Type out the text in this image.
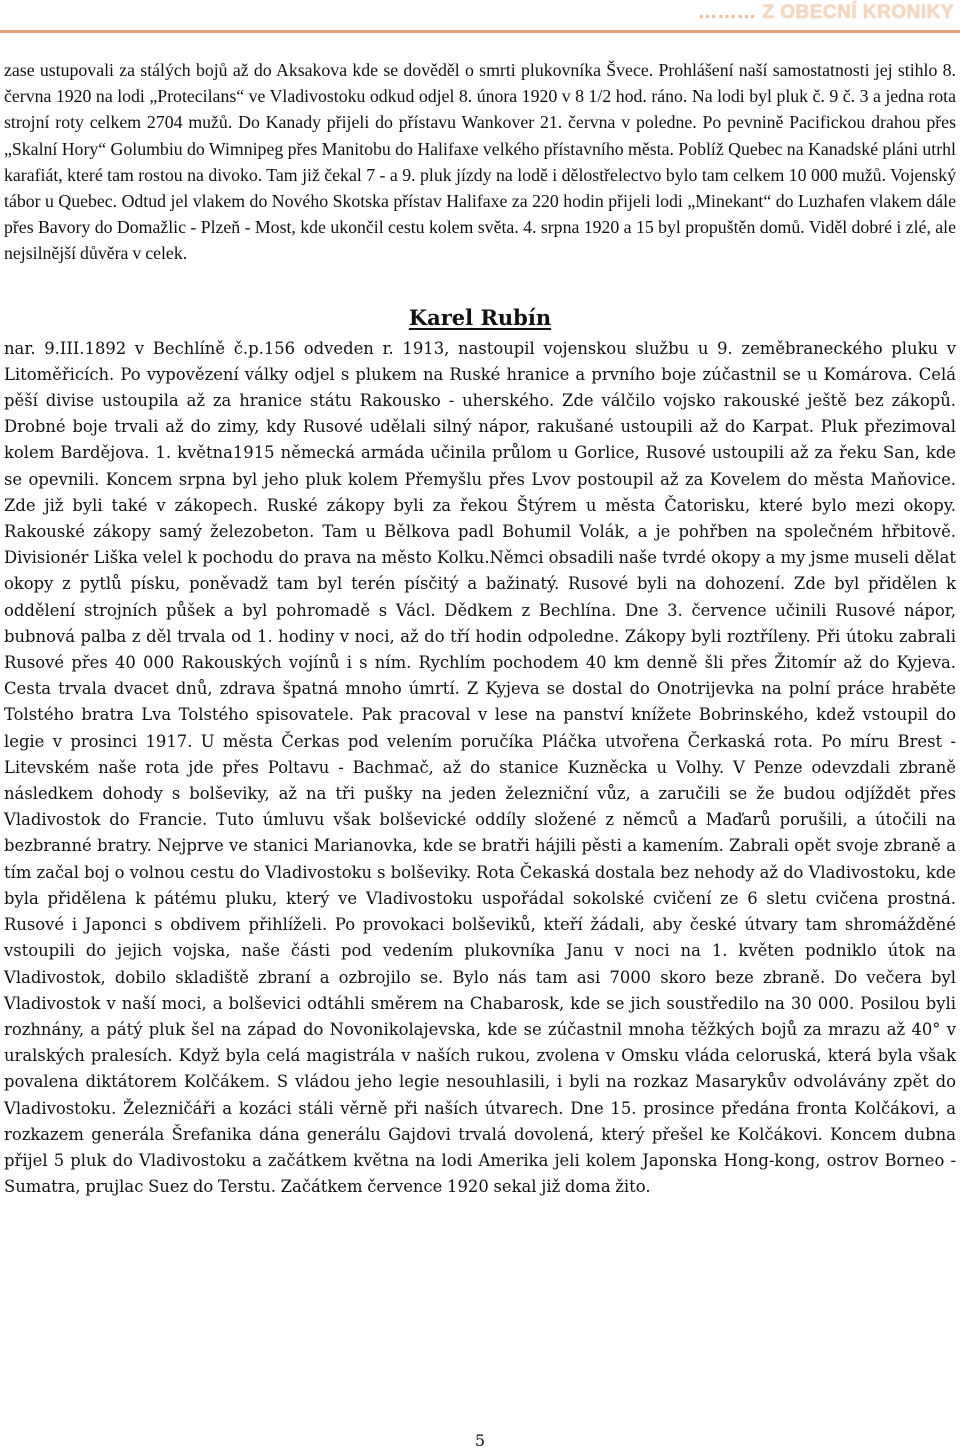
……… Z OBECNÍ KRONIKY

zase ustupovali za stálých bojů až do Aksakova kde se dověděl o smrti plukovníka Švece. Prohlášení naší samostatnosti jej stihlo 8. června 1920 na lodi „Protecilans“ ve Vladivostoku odkud odjel 8. února 1920 v 8 1/2 hod. ráno. Na lodi byl pluk č. 9 č. 3 a jedna rota strojní roty celkem 2704 mužů. Do Kanady přijeli do přístavu Wankover 21. června v poledne. Po pevnině Pacifickou drahou přes „Skalní Hory“ Golumbiu do Wimnipeg přes Manitobu do Halifaxe velkého přístavního města. Poblíž Quebec na Kanadské pláni utrhl karafiát, které tam rostou na divoko. Tam již čekal 7 - a 9. pluk jízdy na lodě i dělostřelectvo bylo tam celkem 10 000 mužů. Vojenský tábor u Quebec. Odtud jel vlakem do Nového Skotska přístav Halifaxe za 220 hodin přijeli lodi „Minekant“ do Luzhafen vlakem dále přes Bavory do Domažlic - Plzeň - Most, kde ukončil cestu kolem světa. 4. srpna 1920 a 15 byl propuštěn domů. Viděl dobré i zlé, ale nejsilnější důvěra v celek.

Karel Rubín

nar. 9.III.1892 v Bechlíně č.p.156 odveden r. 1913, nastoupil vojenskou službu u 9. zeměbraneckého pluku v Litoměřicích. Po vypovězení války odjel s plukem na Ruské hranice a prvního boje zúčastnil se u Komárova. Celá pěší divise ustoupila až za hranice státu Rakousko - uherského. Zde válčilo vojsko rakouské ještě bez zákopů. Drobné boje trvali až do zimy, kdy Rusové udělali silný nápor, rakušané ustoupili až do Karpat. Pluk přezimoval kolem Bardějova. 1. května1915 německá armáda učinila průlom u Gorlice, Rusové ustoupili až za řeku San, kde se opevnili. Koncem srpna byl jeho pluk kolem Přemyšlu přes Lvov postoupil až za Kovelem do města Maňovice. Zde již byli také v zákopech. Ruské zákopy byli za řekou Štýrem u města Čatorisku, které bylo mezi okopy. Rakouské zákopy samý železobeton. Tam u Bělkova padl Bohumil Volák, a je pohřben na společném hřbitově. Divisionér Liška velel k pochodu do prava na město Kolku.Němci obsadili naše tvrdé okopy a my jsme museli dělat okopy z pytlů písku, poněvadž tam byl terén písčitý a bažinatý. Rusové byli na dohození. Zde byl přidělen k oddělení strojních půšek a byl pohromadě s Václ. Dědkem z Bechlína. Dne 3. července učinili Rusové nápor, bubnová palba z děl trvala od 1. hodiny v noci, až do tří hodin odpoledne. Zákopy byli roztříleny. Při útoku zabrali Rusové přes 40 000 Rakouských vojínů i s ním. Rychlím pochodem 40 km denně šli přes Žitomír až do Kyjeva. Cesta trvala dvacet dnů, zdrava špatná mnoho úmrtí. Z Kyjeva se dostal do Onotrijevka na polní práce hraběte Tolstého bratra Lva Tolstého spisovatele. Pak pracoval v lese na panství knížete Bobrinského, kdež vstoupil do legie v prosinci 1917. U města Čerkas pod velením poručíka Pláčka utvořena Čerkaská rota. Po míru Brest - Litevském naše rota jde přes Poltavu - Bachmač, až do stanice Kuzněcka u Volhy. V Penze odevzdali zbraně následkem dohody s bolševiky, až na tři pušky na jeden železniční vůz, a zaručili se že budou odjíždět přes Vladivostok do Francie. Tuto úmluvu však bolševické oddíly složené z němců a Maďarů porušili, a útočili na bezbranné bratry. Nejprve ve stanici Marianovka, kde se bratři hájili pěsti a kamením. Zabrali opět svoje zbraně a tím začal boj o volnou cestu do Vladivostoku s bolševiky. Rota Čekaská dostala bez nehody až do Vladivostoku, kde byla přidělena k pátému pluku, který ve Vladivostoku uspořádal sokolské cvičení ze 6 sletu cvičena prostná. Rusové i Japonci s obdivem přihlíželi. Po provokaci bolševiků, kteří žádali, aby české útvary tam shromážděné vstoupili do jejich vojska, naše části pod vedením plukovníka Janu v noci na 1. květen podniklo útok na Vladivostok, dobilo skladiště zbraní a ozbrojilo se. Bylo nás tam asi 7000 skoro beze zbraně. Do večera byl Vladivostok v naší moci, a bolševici odtáhli směrem na Chabarosk, kde se jich soustředilo na 30 000. Posilou byli rozhnány, a pátý pluk šel na západ do Novonikolajevska, kde se zúčastnil mnoha těžkých bojů za mrazu až 40° v uralských pralesích. Když byla celá magistrála v naších rukou, zvolena v Omsku vláda celoruská, která byla však povalena diktátorem Kolčákem. S vládou jeho legie nesouhlasili, i byli na rozkaz Masarykův odvolávány zpět do Vladivostoku. Železničáři a kozáci stáli věrně při naších útvarech. Dne 15. prosince předána fronta Kolčákovi, a rozkazem generála Šrefanika dána generálu Gajdovi trvalá dovolená, který přešel ke Kolčákovi. Koncem dubna přijel 5 pluk do Vladivostoku a začátkem května na lodi Amerika jeli kolem Japonska Hong-kong, ostrov Borneo - Sumatra, prujlac Suez do Terstu. Začátkem července 1920 sekal již doma žito.

5
